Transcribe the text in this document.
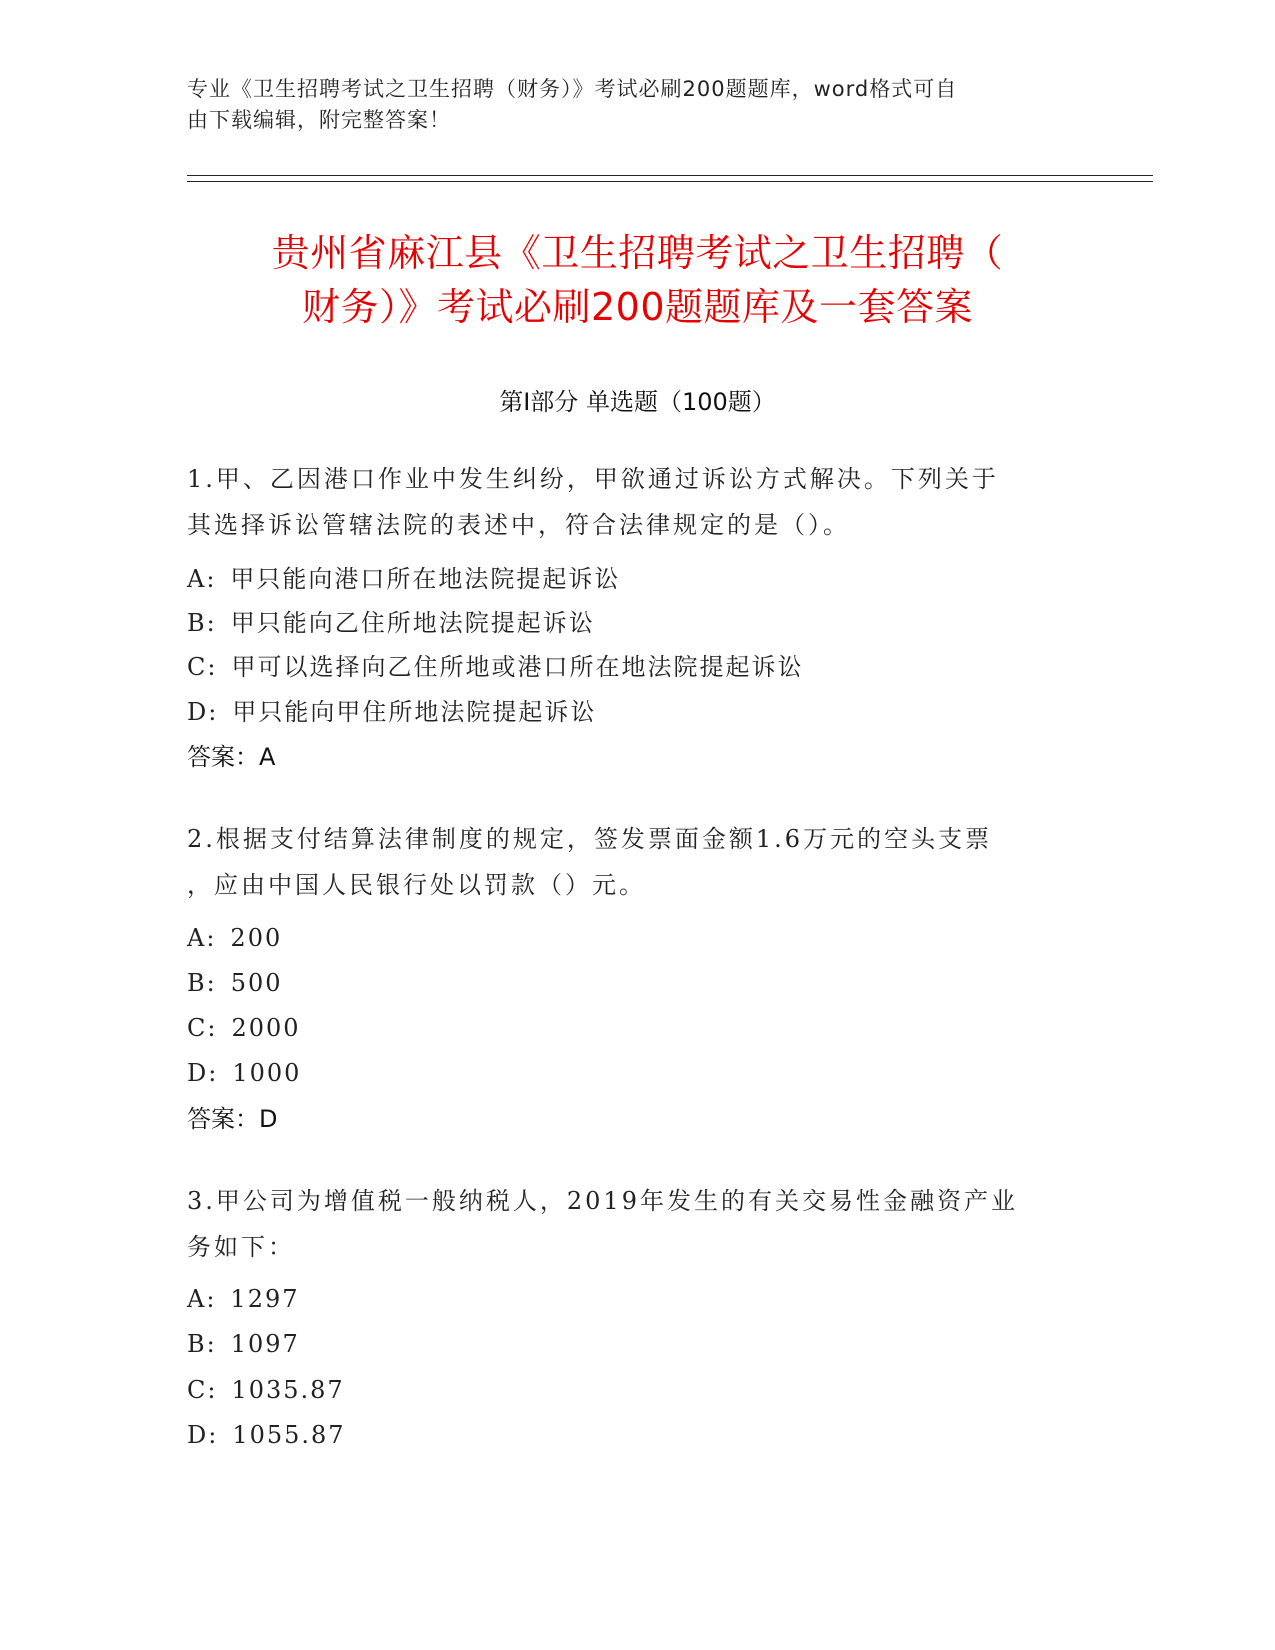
专业《卫生招聘考试之卫生招聘（财务）》考试必刷200题题库，word格式可自
由下载编辑，附完整答案！
贵州省麻江县《卫生招聘考试之卫生招聘（
财务）》考试必刷200题题库及一套答案
第Ⅰ部分 单选题（100题）
1.甲、乙因港口作业中发生纠纷，甲欲通过诉讼方式解决。下列关于
其选择诉讼管辖法院的表述中，符合法律规定的是（）。
A: 甲只能向港口所在地法院提起诉讼
B: 甲只能向乙住所地法院提起诉讼
C: 甲可以选择向乙住所地或港口所在地法院提起诉讼
D: 甲只能向甲住所地法院提起诉讼
答案：A
2.根据支付结算法律制度的规定，签发票面金额1.6万元的空头支票
，应由中国人民银行处以罚款（）元。
A: 200
B: 500
C: 2000
D: 1000
答案：D
3.甲公司为增值税一般纳税人，2019年发生的有关交易性金融资产业
务如下：
A: 1297
B: 1097
C: 1035.87
D: 1055.87
